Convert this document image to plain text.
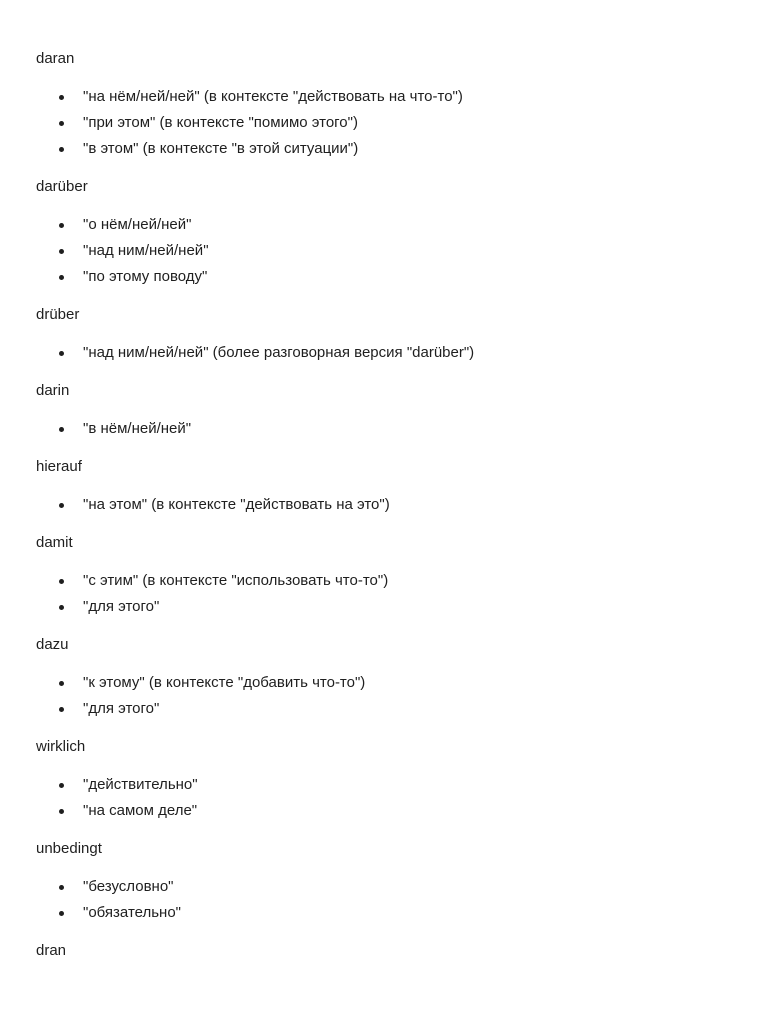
daran

"на нём/ней/ней" (в контексте "действовать на что-то")
"при этом" (в контексте "помимо этого")
"в этом" (в контексте "в этой ситуации")

darüber

"о нём/ней/ней"
"над ним/ней/ней"
"по этому поводу"

drüber

"над ним/ней/ней" (более разговорная версия "darüber")

darin

"в нём/ней/ней"

hierauf

"на этом" (в контексте "действовать на это")

damit

"с этим" (в контексте "использовать что-то")
"для этого"

dazu

"к этому" (в контексте "добавить что-то")
"для этого"

wirklich

"действительно"
"на самом деле"

unbedingt

"безусловно"
"обязательно"

dran
